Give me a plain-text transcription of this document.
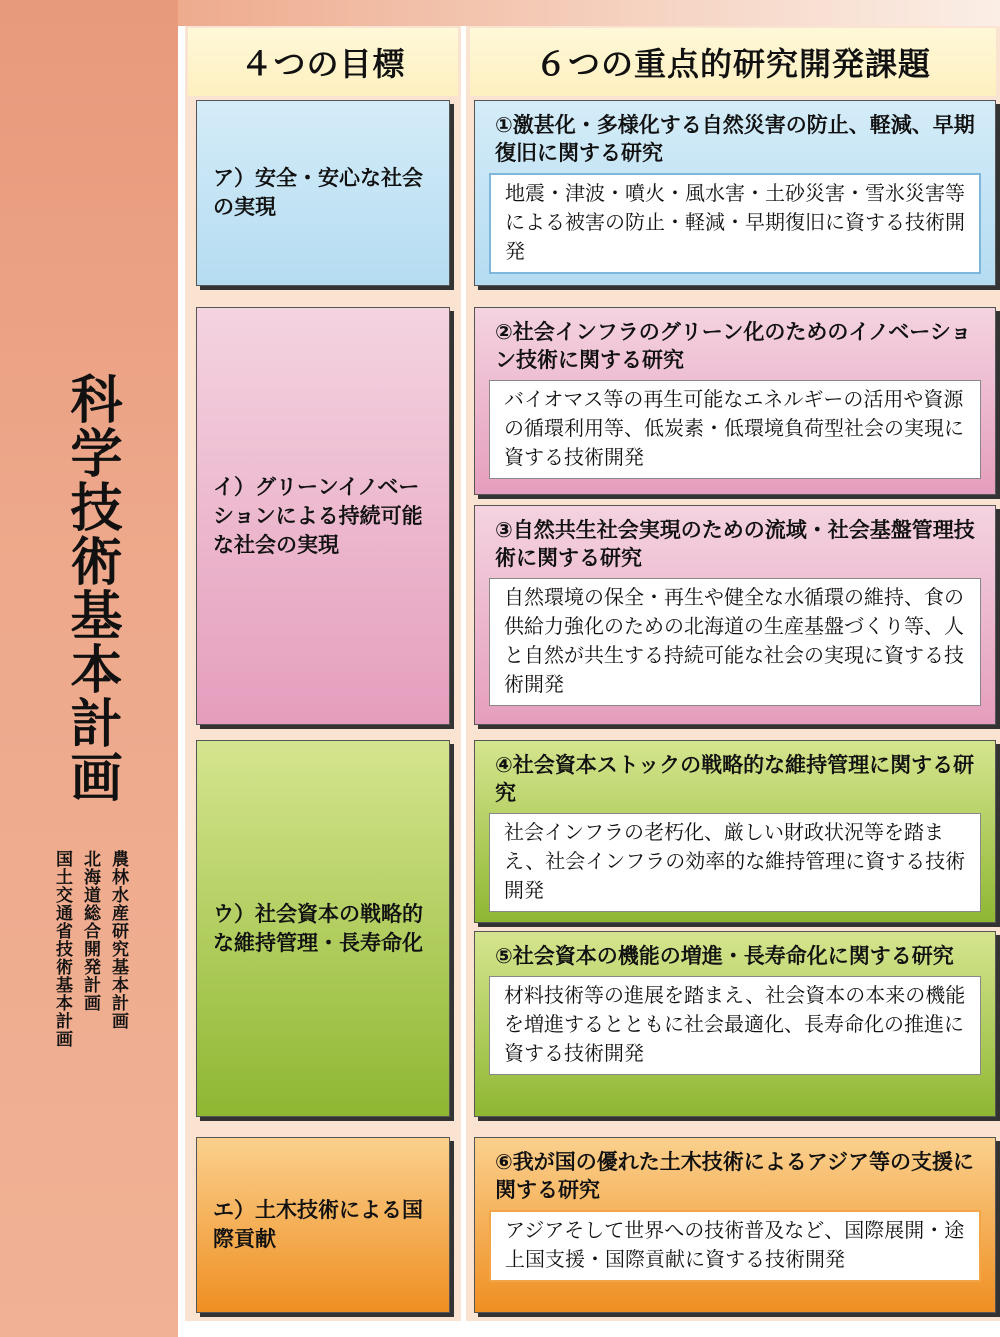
科学技術基本計画
農林水産研究基本計画
北海道総合開発計画
国土交通省技術基本計画
４つの目標	６つの重点的研究開発課題
ア）安全・安心な社会の実現
イ）グリーンイノベーションによる持続可能な社会の実現
ウ）社会資本の戦略的な維持管理・長寿命化
エ）土木技術による国際貢献
①激甚化・多様化する自然災害の防止、軽減、早期復旧に関する研究
地震・津波・噴火・風水害・土砂災害・雪氷災害等による被害の防止・軽減・早期復旧に資する技術開発
②社会インフラのグリーン化のためのイノベーション技術に関する研究
バイオマス等の再生可能なエネルギーの活用や資源の循環利用等、低炭素・低環境負荷型社会の実現に資する技術開発
③自然共生社会実現のための流域・社会基盤管理技術に関する研究
自然環境の保全・再生や健全な水循環の維持、食の供給力強化のための北海道の生産基盤づくり等、人と自然が共生する持続可能な社会の実現に資する技術開発
④社会資本ストックの戦略的な維持管理に関する研究
社会インフラの老朽化、厳しい財政状況等を踏まえ、社会インフラの効率的な維持管理に資する技術開発
⑤社会資本の機能の増進・長寿命化に関する研究
材料技術等の進展を踏まえ、社会資本の本来の機能を増進するとともに社会最適化、長寿命化の推進に資する技術開発
⑥我が国の優れた土木技術によるアジア等の支援に関する研究
アジアそして世界への技術普及など、国際展開・途上国支援・国際貢献に資する技術開発
